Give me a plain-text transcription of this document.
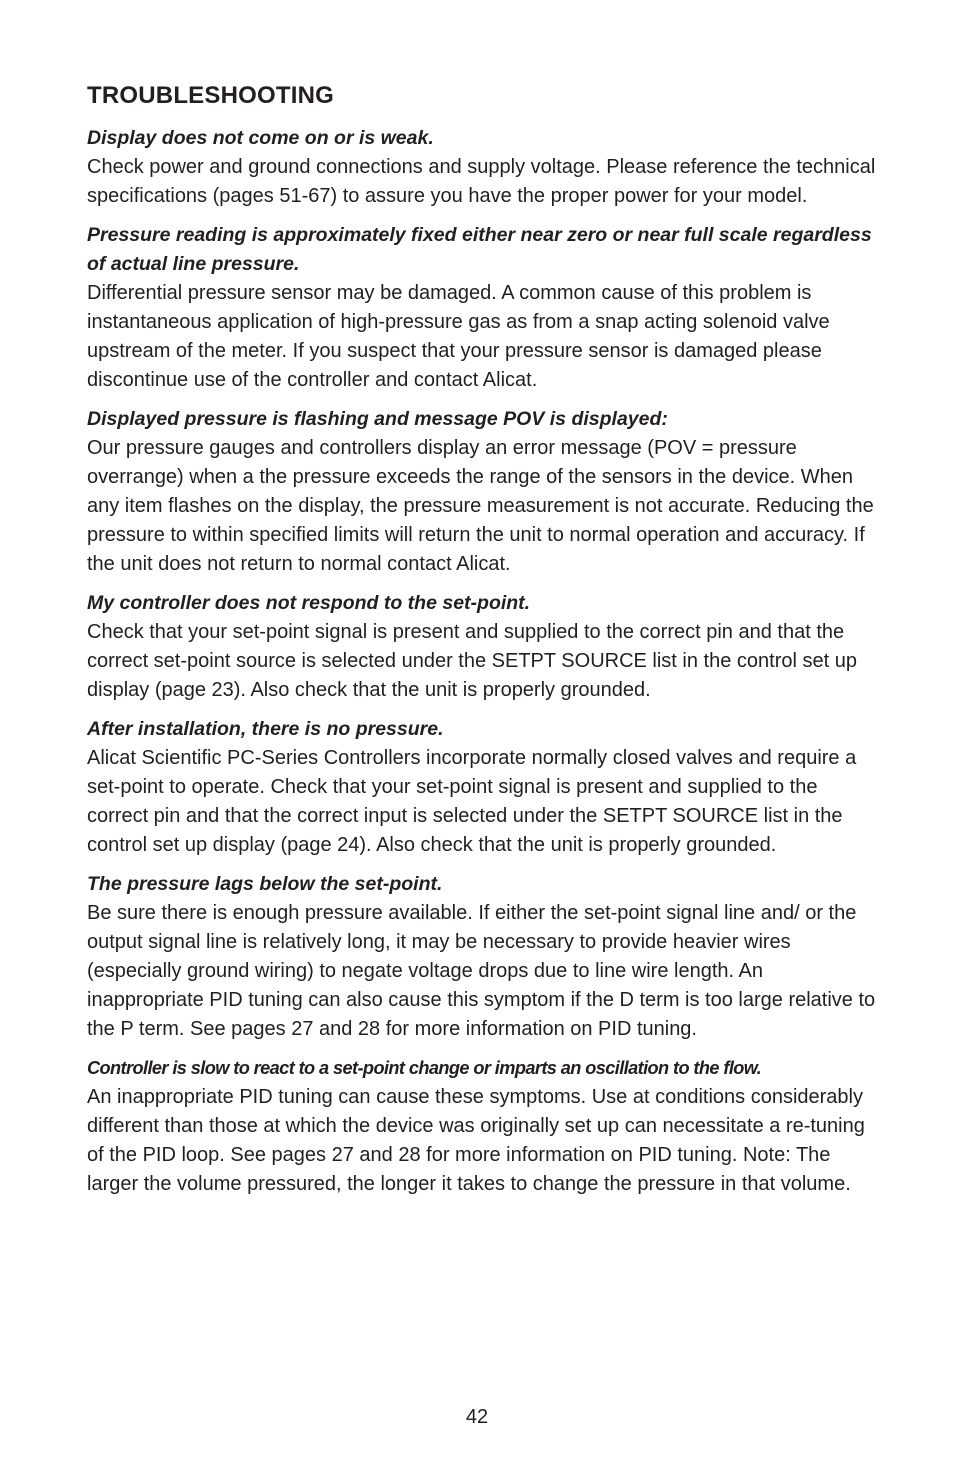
TROUBLESHOOTING

Display does not come on or is weak.

Check power and ground connections and supply voltage. Please reference the technical specifications (pages 51-67) to assure you have the proper power for your model.

Pressure reading is approximately fixed either near zero or near full scale regardless of actual line pressure.

Differential pressure sensor may be damaged. A common cause of this problem is instantaneous application of high-pressure gas as from a snap acting solenoid valve upstream of the meter. If you suspect that your pressure sensor is damaged please discontinue use of the controller and contact Alicat.

Displayed pressure is flashing and message POV is displayed:

Our pressure gauges and controllers display an error message (POV = pressure overrange) when a the pressure exceeds the range of the sensors in the device. When any item flashes on the display, the pressure measurement is not accurate. Reducing the pressure to within specified limits will return the unit to normal operation and accuracy. If the unit does not return to normal contact Alicat.

My controller does not respond to the set-point.

Check that your set-point signal is present and supplied to the correct pin and that the correct set-point source is selected under the SETPT SOURCE list in the control set up display (page 23). Also check that the unit is properly grounded.

After installation, there is no pressure.

Alicat Scientific PC-Series Controllers incorporate normally closed valves and require a set-point to operate. Check that your set-point signal is present and supplied to the correct pin and that the correct input is selected under the SETPT SOURCE list in the control set up display (page 24). Also check that the unit is properly grounded.

The pressure lags below the set-point.

Be sure there is enough pressure available. If either the set-point signal line and/ or the output signal line is relatively long, it may be necessary to provide heavier wires (especially ground wiring) to negate voltage drops due to line wire length. An inappropriate PID tuning can also cause this symptom if the D term is too large relative to the P term. See pages 27 and 28 for more information on PID tuning.

Controller is slow to react to a set-point change or imparts an oscillation to the flow.

An inappropriate PID tuning can cause these symptoms. Use at conditions considerably different than those at which the device was originally set up can necessitate a re-tuning of the PID loop. See pages 27 and 28 for more information on PID tuning. Note: The larger the volume pressured, the longer it takes to change the pressure in that volume.

42
